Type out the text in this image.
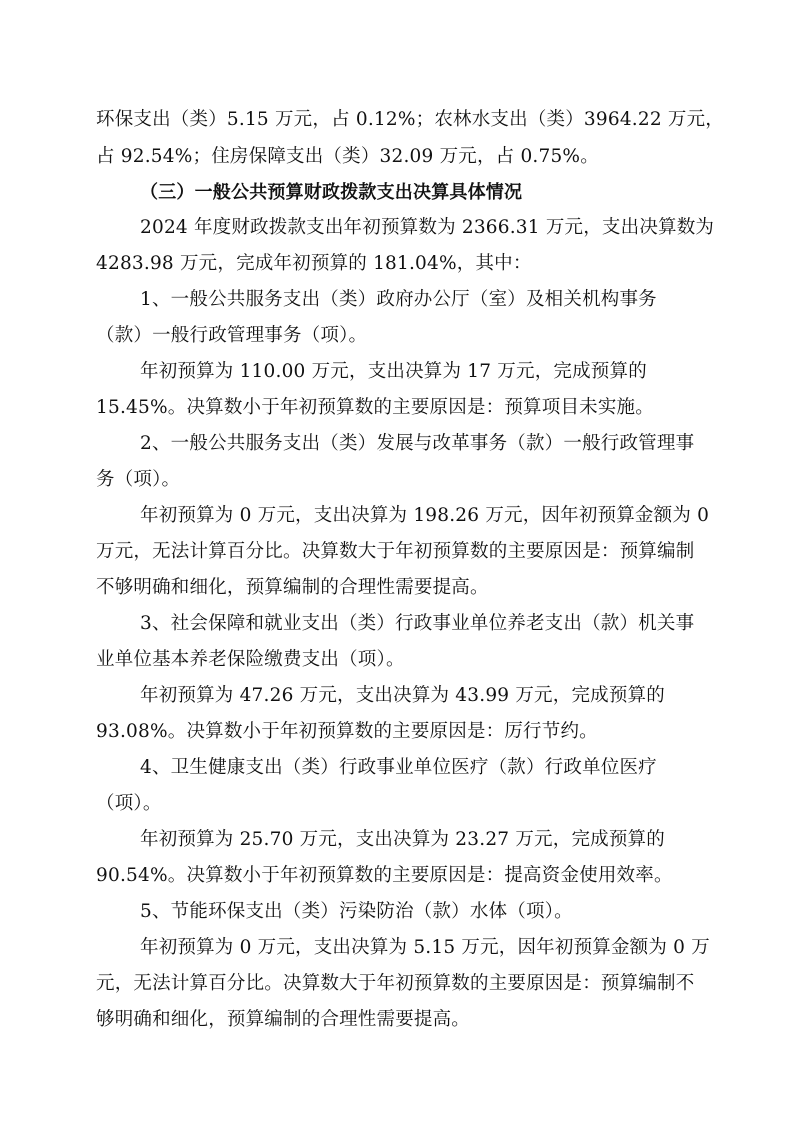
环保支出（类）5.15 万元，占 0.12%；农林水支出（类）3964.22 万元，
占 92.54%；住房保障支出（类）32.09 万元，占 0.75%。
（三）一般公共预算财政拨款支出决算具体情况
2024 年度财政拨款支出年初预算数为 2366.31 万元，支出决算数为
4283.98 万元，完成年初预算的 181.04%，其中：
1、一般公共服务支出（类）政府办公厅（室）及相关机构事务
（款）一般行政管理事务（项）。
年初预算为 110.00 万元，支出决算为 17 万元，完成预算的
15.45%。决算数小于年初预算数的主要原因是：预算项目未实施。
2、一般公共服务支出（类）发展与改革事务（款）一般行政管理事
务（项）。
年初预算为 0 万元，支出决算为 198.26 万元，因年初预算金额为 0
万元，无法计算百分比。决算数大于年初预算数的主要原因是：预算编制
不够明确和细化，预算编制的合理性需要提高。
3、社会保障和就业支出（类）行政事业单位养老支出（款）机关事
业单位基本养老保险缴费支出（项）。
年初预算为 47.26 万元，支出决算为 43.99 万元，完成预算的
93.08%。决算数小于年初预算数的主要原因是：厉行节约。
4、卫生健康支出（类）行政事业单位医疗（款）行政单位医疗
（项）。
年初预算为 25.70 万元，支出决算为 23.27 万元，完成预算的
90.54%。决算数小于年初预算数的主要原因是：提高资金使用效率。
5、节能环保支出（类）污染防治（款）水体（项）。
年初预算为 0 万元，支出决算为 5.15 万元，因年初预算金额为 0 万
元，无法计算百分比。决算数大于年初预算数的主要原因是：预算编制不
够明确和细化，预算编制的合理性需要提高。
